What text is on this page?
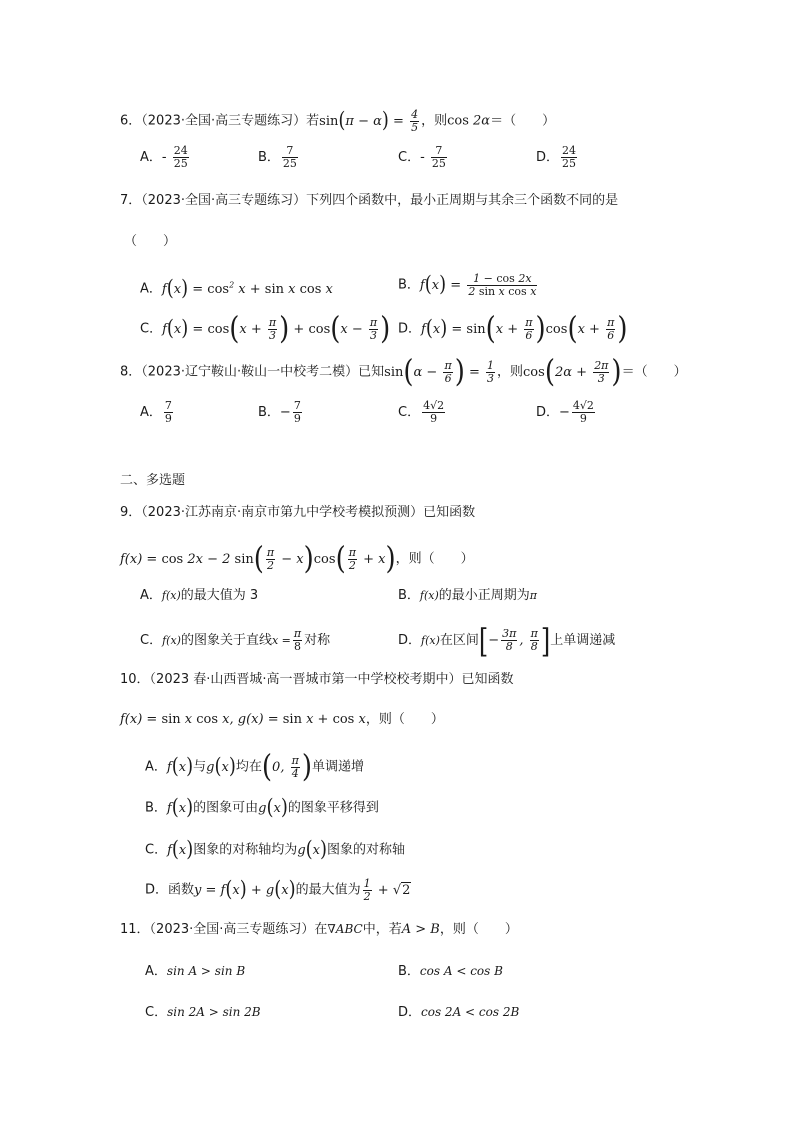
6．（2023·全国·高三专题练习）若$\sin(\pi - \alpha) = \frac{4}{5}$ ，则cos 2α＝（　　）
A．- $\frac{24}{25}$	B． $\frac{7}{25}$	C．- $\frac{7}{25}$	D． $\frac{24}{25}$
7．（2023·全国·高三专题练习）下列四个函数中，最小正周期与其余三个函数不同的是
（　　）
A．$f(x) = \cos^2 x + \sin x$ cos x	B．$f(x) = \frac{1 - \cos 2x}{\text{2 sin x cos x}}$
C．$f(x) = \cos(x + \frac{\pi}{3}$ ) + $\cos(x - \frac{\pi}{3}$ ) D．$f(x) = \sin(x + \frac{\pi}{6} )\cos(x + \frac{\pi}{6}$ )
8．（2023·辽宁鞍山·鞍山一中校考二模）已知$\sin(\alpha - \frac{\pi}{6}$ ) = $\frac{1}{3}$ ，则$\cos(2\alpha + \frac{2\pi}{3}$ )＝（　　）
A． $\frac{7}{9}$	B．− $\frac{7}{9}$	C． $\frac{4√2}{9}$	D．− $\frac{4√2}{9}$
二、多选题
9．（2023·江苏南京·南京市第九中学校考模拟预测）已知函数
f(x) = cos 2x − 2 $\sin( \frac{\pi}{2} - x)\cos( \frac{\pi}{2} + x)$，则（　　）
A．f(x)的最大值为 3	B．f(x)的最小正周期为π
C．f(x)的图象关于直线$x = \frac{\pi}{8}$ 对称	D．f(x)在区间[− $\frac{3\pi}{8}$ , $\frac{\pi}{8}$ ]上单调递减
10．（2023 春·山西晋城·高一晋城市第一中学校校考期中）已知函数
f(x) = sin x cos x, g(x) = sin x + cos x，则（　　）
A．f(x)与g(x)均在(0, $\frac{\pi}{4}$ )单调递增
B．f(x)的图象可由g(x)的图象平移得到
C．f(x)图象的对称轴均为g(x)图象的对称轴
D．函数y = f(x) + g(x)的最大值为 $\frac{1}{2} + √2$
11．（2023·全国·高三专题练习）在∇ABC中，若A > B，则（　　）
A．sin A > sin B	B．cos A < cos B
C．sin 2A > sin 2B	D．cos 2A < cos 2B
